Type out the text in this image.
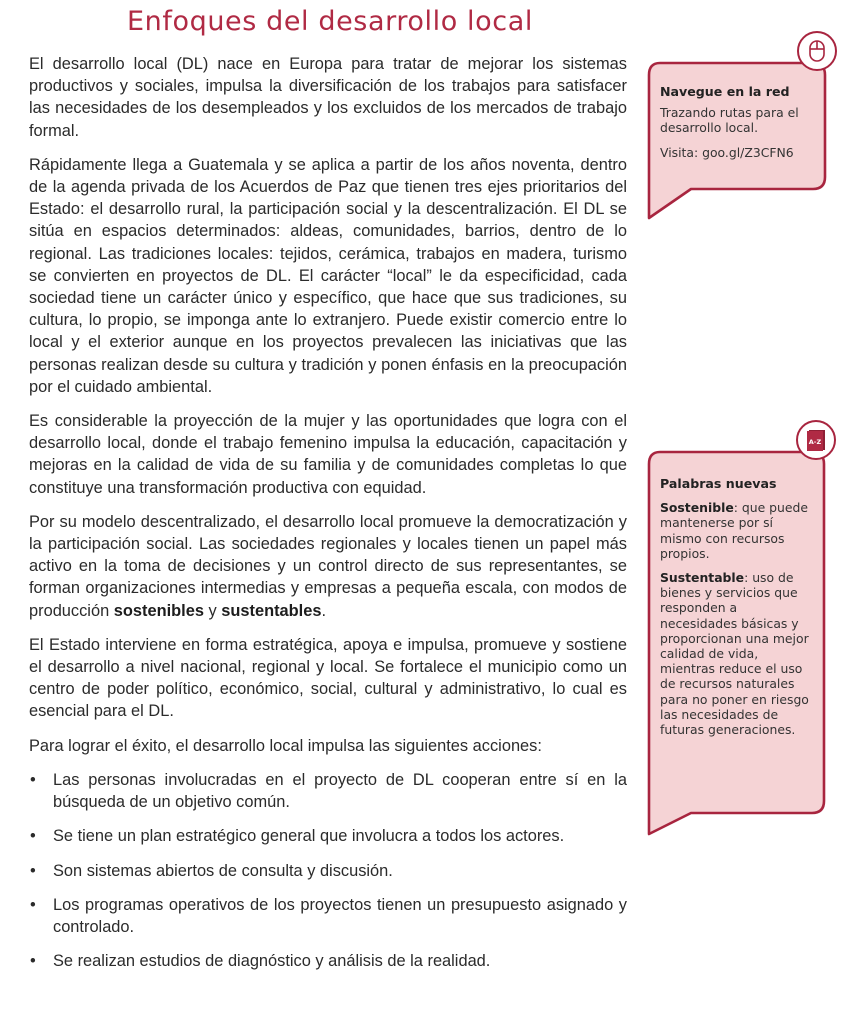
Enfoques del desarrollo local

El desarrollo local (DL) nace en Europa para tratar de mejorar los sistemas productivos y sociales, impulsa la diversificación de los trabajos para satisfacer las necesidades de los desempleados y los excluidos de los mercados de trabajo formal.

Rápidamente llega a Guatemala y se aplica a partir de los años noventa, dentro de la agenda privada de los Acuerdos de Paz que tienen tres ejes prioritarios del Estado: el desarrollo rural, la participación social y la descentralización. El DL se sitúa en espacios determinados: aldeas, comunidades, barrios, dentro de lo regional. Las tradiciones locales: tejidos, cerámica, trabajos en madera, turismo se convierten en proyectos de DL. El carácter “local” le da especificidad, cada sociedad tiene un carácter único y específico, que hace que sus tradiciones, su cultura, lo propio, se imponga ante lo extranjero. Puede existir comercio entre lo local y el exterior aunque en los proyectos prevalecen las iniciativas que las personas realizan desde su cultura y tradición y ponen énfasis en la preocupación por el cuidado ambiental.

Es considerable la proyección de la mujer y las oportunidades que logra con el desarrollo local, donde el trabajo femenino impulsa la educación, capacitación y mejoras en la calidad de vida de su familia y de comunidades completas lo que constituye una transformación productiva con equidad.

Por su modelo descentralizado, el desarrollo local promueve la democratización y la participación social. Las sociedades regionales y locales tienen un papel más activo en la toma de decisiones y un control directo de sus representantes, se forman organizaciones intermedias y empresas a pequeña escala, con modos de producción sostenibles y sustentables.

El Estado interviene en forma estratégica, apoya e impulsa, promueve y sostiene el desarrollo a nivel nacional, regional y local. Se fortalece el municipio como un centro de poder político, económico, social, cultural y administrativo, lo cual es esencial para el DL.

Para lograr el éxito, el desarrollo local impulsa las siguientes acciones:

• Las personas involucradas en el proyecto de DL cooperan entre sí en la búsqueda de un objetivo común.
• Se tiene un plan estratégico general que involucra a todos los actores.
• Son sistemas abiertos de consulta y discusión.
• Los programas operativos de los proyectos tienen un presupuesto asignado y controlado.
• Se realizan estudios de diagnóstico y análisis de la realidad.
Navegue en la red

Trazando rutas para el desarrollo local.

Visita: goo.gl/Z3CFN6

A-Z
Palabras nuevas

Sostenible: que puede mantenerse por sí mismo con recursos propios.

Sustentable: uso de bienes y servicios que responden a necesidades básicas y proporcionan una mejor calidad de vida, mientras reduce el uso de recursos naturales para no poner en riesgo las necesidades de futuras generaciones.
